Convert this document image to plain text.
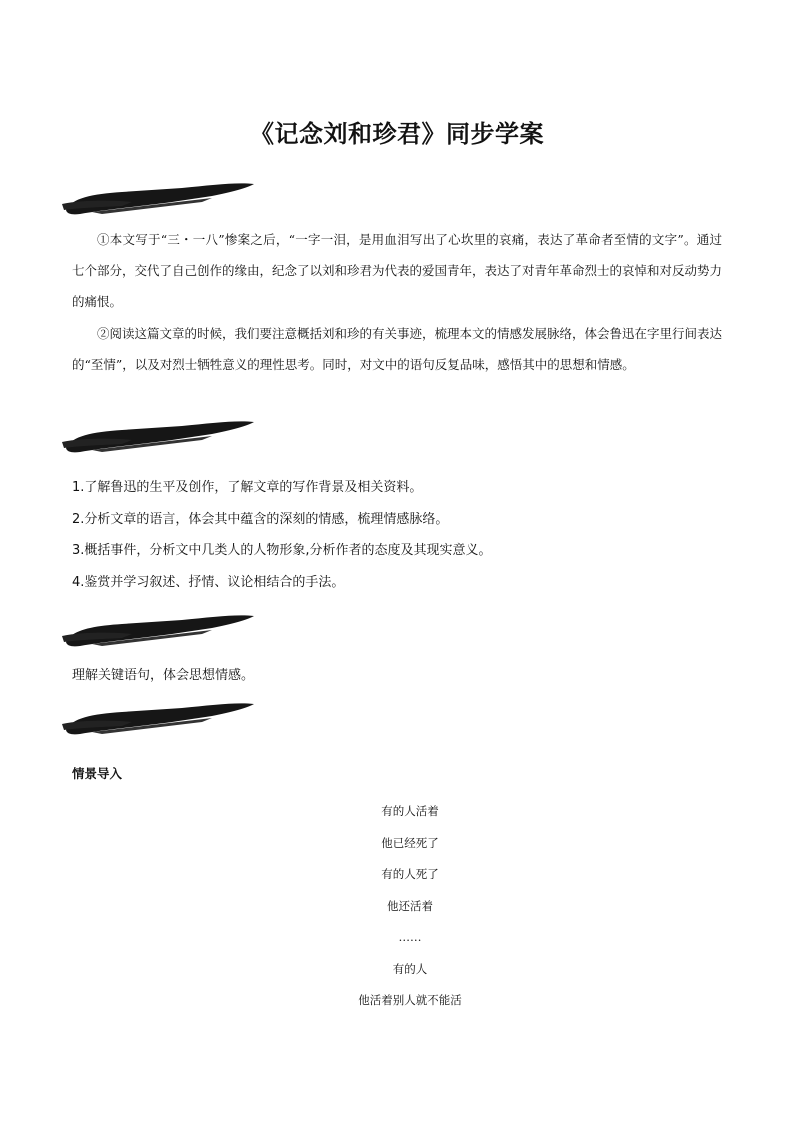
《记念刘和珍君》同步学案

①本文写于“三・一八”惨案之后，“一字一泪，是用血泪写出了心坎里的哀痛，表达了革命者至情的文字”。通过七个部分，交代了自己创作的缘由，纪念了以刘和珍君为代表的爱国青年，表达了对青年革命烈士的哀悼和对反动势力的痛恨。

②阅读这篇文章的时候，我们要注意概括刘和珍的有关事迹，梳理本文的情感发展脉络，体会鲁迅在字里行间表达的“至情”，以及对烈士牺牲意义的理性思考。同时，对文中的语句反复品味，感悟其中的思想和情感。

1.了解鲁迅的生平及创作，了解文章的写作背景及相关资料。
2.分析文章的语言，体会其中蕴含的深刻的情感，梳理情感脉络。
3.概括事件，分析文中几类人的人物形象,分析作者的态度及其现实意义。
4.鉴赏并学习叙述、抒情、议论相结合的手法。

理解关键语句，体会思想情感。

情景导入

有的人活着
他已经死了
有的人死了
他还活着
……
有的人
他活着别人就不能活
